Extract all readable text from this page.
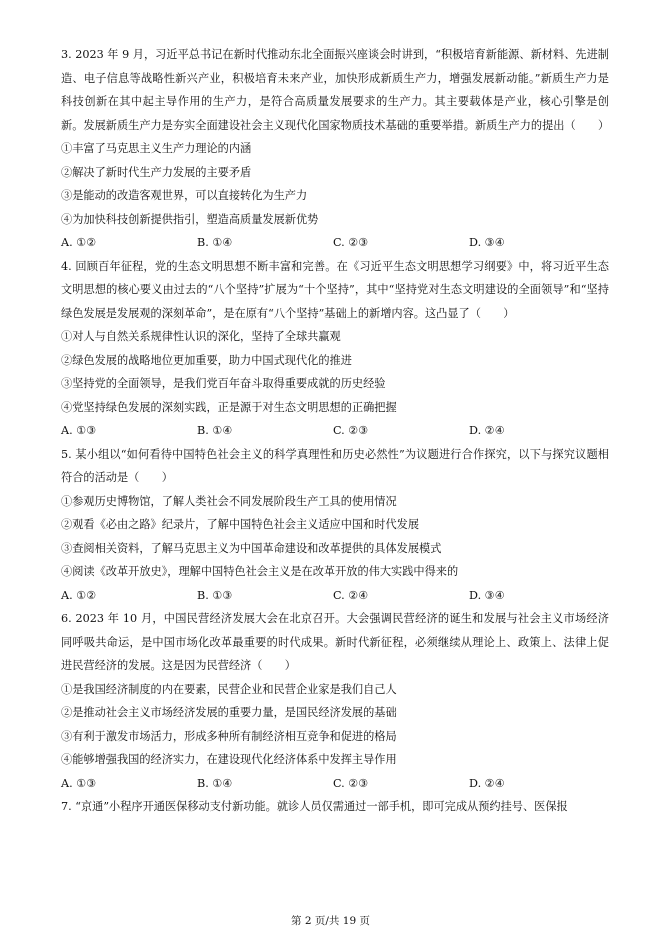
3. 2023 年 9 月，习近平总书记在新时代推动东北全面振兴座谈会时讲到，“积极培育新能源、新材料、先进制造、电子信息等战略性新兴产业，积极培育未来产业，加快形成新质生产力，增强发展新动能。”新质生产力是科技创新在其中起主导作用的生产力，是符合高质量发展要求的生产力。其主要载体是产业，核心引擎是创新。发展新质生产力是夯实全面建设社会主义现代化国家物质技术基础的重要举措。新质生产力的提出（　　）

①丰富了马克思主义生产力理论的内涵

②解决了新时代生产力发展的主要矛盾

③是能动的改造客观世界，可以直接转化为生产力

④为加快科技创新提供指引，塑造高质量发展新优势

A. ①②	B. ①④	C. ②③	D. ③④

4. 回顾百年征程，党的生态文明思想不断丰富和完善。在《习近平生态文明思想学习纲要》中，将习近平生态文明思想的核心要义由过去的“八个坚持”扩展为“十个坚持”，其中“坚持党对生态文明建设的全面领导”和“坚持绿色发展是发展观的深刻革命”，是在原有“八个坚持”基础上的新增内容。这凸显了（　　）

①对人与自然关系规律性认识的深化，坚持了全球共赢观

②绿色发展的战略地位更加重要，助力中国式现代化的推进

③坚持党的全面领导，是我们党百年奋斗取得重要成就的历史经验

④党坚持绿色发展的深刻实践，正是源于对生态文明思想的正确把握

A. ①③	B. ①④	C. ②③	D. ②④

5. 某小组以“如何看待中国特色社会主义的科学真理性和历史必然性”为议题进行合作探究，以下与探究议题相符合的活动是（　　）

①参观历史博物馆，了解人类社会不同发展阶段生产工具的使用情况

②观看《必由之路》纪录片，了解中国特色社会主义适应中国和时代发展

③查阅相关资料，了解马克思主义为中国革命建设和改革提供的具体发展模式

④阅读《改革开放史》，理解中国特色社会主义是在改革开放的伟大实践中得来的

A. ①②	B. ①③	C. ②④	D. ③④

6. 2023 年 10 月，中国民营经济发展大会在北京召开。大会强调民营经济的诞生和发展与社会主义市场经济同呼吸共命运，是中国市场化改革最重要的时代成果。新时代新征程，必须继续从理论上、政策上、法律上促进民营经济的发展。这是因为民营经济（　　）

①是我国经济制度的内在要素，民营企业和民营企业家是我们自己人

②是推动社会主义市场经济发展的重要力量，是国民经济发展的基础

③有利于激发市场活力，形成多种所有制经济相互竞争和促进的格局

④能够增强我国的经济实力，在建设现代化经济体系中发挥主导作用

A. ①③	B. ①④	C. ②③	D. ②④

7. “京通”小程序开通医保移动支付新功能。就诊人员仅需通过一部手机，即可完成从预约挂号、医保报

第 2 页/共 19 页
